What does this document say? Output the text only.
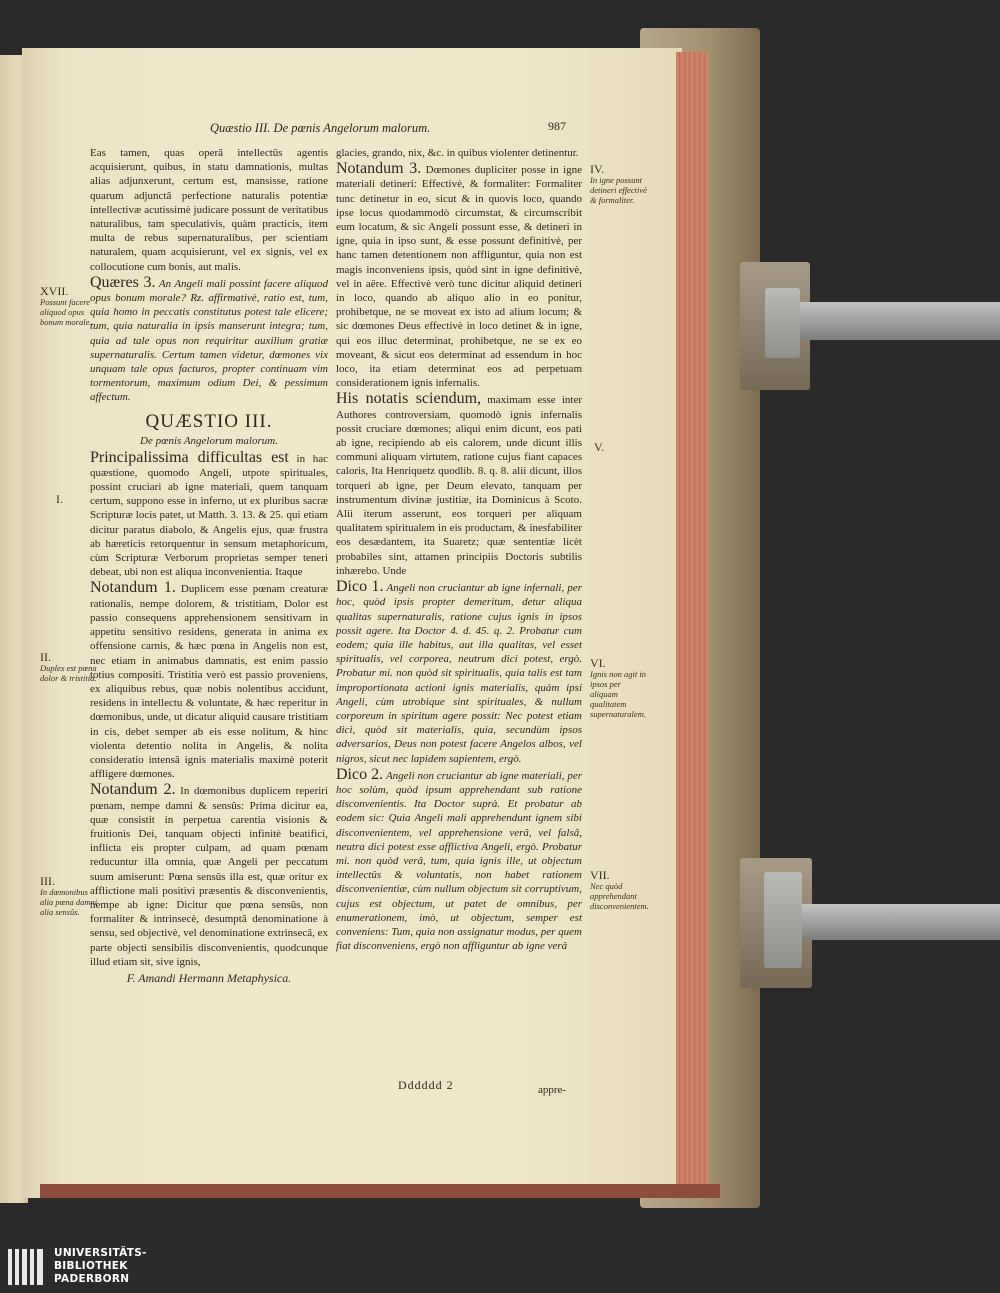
Quæstio III. De pœnis Angelorum malorum.	987

Eas tamen, quas operâ intellectûs agentis acquisierunt, quibus, in statu damnationis, multas alias adjunxerunt, certum est, mansisse, ratione quarum adjunctâ perfectione naturalis potentiæ intellectivæ acutissimè judicare possunt de veritatibus naturalibus, tam speculativis, quàm practicis, item multa de rebus supernaturalibus, per scientiam naturalem, quam acquisierunt, vel ex signis, vel ex collocutione cum bonis, aut malis.

Quæres 3. An Angeli mali possint facere aliquod opus bonum morale? Rz. affirmativè, ratio est, tum, quia homo in peccatis constitutus potest tale elicere; tum, quia naturalia in ipsis manserunt integra; tum, quia ad tale opus non requiritur auxilium gratiæ supernaturalis. Certum tamen videtur, dœmones vix unquam tale opus facturos, propter continuam vim tormentorum, maximum odium Dei, & pessimum affectum.

QUÆSTIO III.
De pœnis Angelorum malorum.

Principalissima difficultas est in hac quæstione, quomodo Angeli, utpote spirituales, possint cruciari ab igne materiali, quem tanquam certum, suppono esse in inferno, ut ex pluribus sacræ Scripturæ locis patet, ut Matth. 3. 13. & 25. qui etiam dicitur paratus diabolo, & Angelis ejus, quæ frustra ab hæreticis retorquentur in sensum metaphoricum, cùm Scripturæ Verborum proprietas semper teneri debeat, ubi non est aliqua inconvenientia. Itaque

Notandum 1. Duplicem esse pœnam creaturæ rationalis, nempe dolorem, & tristitiam, Dolor est passio consequens apprehensionem sensitivam in appetitu sensitivo residens, generata in anima ex offensione carnis, & hæc pœna in Angelis non est, nec etiam in animabus damnatis, est enim passio totius compositi. Tristitia verò est passio proveniens, ex aliquibus rebus, quæ nobis nolentibus accidunt, residens in intellectu & voluntate, & hæc reperitur in dœmonibus, unde, ut dicatur aliquid causare tristitiam in cis, debet semper ab eis esse nolitum, & hinc violenta detentio nolita in Angelis, & nolita consideratio intensâ ignis materialis maximè poterit affligere dœmones.

Notandum 2. In dœmonibus duplicem reperiri pœnam, nempe damni & sensûs: Prima dicitur ea, quæ consistit in perpetua carentia visionis & fruitionis Dei, tanquam objecti infinitè beatifici, inflicta eis propter culpam, ad quam pœnam reducuntur illa omnia, quæ Angeli per peccatum suum amiserunt: Pœna sensûs illa est, quæ oritur ex afflictione mali positivi præsentis & disconvenientis, nempe ab igne: Dicitur que pœna sensûs, non formaliter & intrinsecè, desumptâ denominatione à sensu, sed objectivè, vel denominatione extrinsecâ, ex parte objecti sensibilis disconvenientis, quodcunque illud etiam sit, sive ignis,

F. Amandi Hermann Metaphysica.

glacies, grando, nix, &c. in quibus violenter detinentur.

Notandum 3. Dœmones dupliciter posse in igne materiali detineri: Effectivè, & formaliter: Formaliter tunc detinetur in eo, sicut & in quovis loco, quando ipse locus quodammodò circumstat, & circumscribit eum locatum, & sic Angeli possunt esse, & detineri in igne, quia in ipso sunt, & esse possunt definitivè, per hanc tamen detentionem non affliguntur, quia non est magis inconveniens ipsis, quòd sint in igne definitivè, vel in aëre. Effectivè verò tunc dicitur aliquid detineri in loco, quando ab aliquo alio in eo ponitur, prohibetque, ne se moveat ex isto ad alium locum; & sic dœmones Deus effectivè in loco detinet & in igne, qui eos illuc determinat, prohibetque, ne se ex eo moveant, & sicut eos determinat ad essendum in hoc loco, ita etiam determinat eos ad perpetuam considerationem ignis infernalis.

His notatis sciendum, maximam esse inter Authores controversiam, quomodò ignis infernalis possit cruciare dœmones; aliqui enim dicunt, eos pati ab igne, recipiendo ab eis calorem, unde dicunt illis communi aliquam virtutem, ratione cujus fiant capaces caloris, Ita Henriquetz quodlib. 8. q. 8. alii dicunt, illos torqueri ab igne, per Deum elevato, tanquam per instrumentum divinæ justitiæ, ita Dominicus à Scoto. Alii iterum asserunt, eos torqueri per aliquam qualitatem spiritualem in eis productam, & inesfabiliter eos desædantem, ita Suaretz; quæ sententiæ licèt probabiles sint, attamen principiis Doctoris subtilis inhærebo. Unde

Dico 1. Angeli non cruciantur ab igne infernali, per hoc, quòd ipsis propter demeritum, detur aliqua qualitas supernaturalis, ratione cujus ignis in ipsos possit agere. Ita Doctor 4. d. 45. q. 2. Probatur cum eodem; quia ille habitus, aut illa qualitas, vel esset spiritualis, vel corporea, neutrum dici potest, ergò. Probatur mi. non quòd sit spiritualis, quia talis est tam improportionata actioni ignis materialis, quàm ipsi Angeli, cùm utrobique sint spirituales, & nullum corporeum in spiritum agere possit: Nec potest etiam dici, quòd sit materialis, quia, secundùm ipsos adversarios, Deus non potest facere Angelos albos, vel nigros, sicut nec lapidem sapientem, ergò.

Dico 2. Angeli non cruciantur ab igne materiali, per hoc solùm, quòd ipsum apprehendant sub ratione disconvenientis. Ita Doctor suprà. Et probatur ab eodem sic: Quia Angeli mali apprehendunt ignem sibi disconvenientem, vel apprehensione verâ, vel falsâ, neutra dici potest esse afflictiva Angeli, ergò. Probatur mi. non quòd verâ, tum, quia ignis ille, ut objectum intellectûs & voluntatis, non habet rationem disconvenientiæ, cùm nullum objectum sit corruptivum, cujus est objectum, ut patet de omnibus, per enumerationem, imò, ut objectum, semper est conveniens: Tum, quia non assignatur modus, per quem fiat disconveniens, ergò non affliguntur ab igne verâ

Dddddd 2	appre-
XVII.
Possunt facere aliquod opus bonum morale.
I.
II.
Duplex est pœna dolor & tristitia.
III.
In dœmonibus alia pœna damni alia sensûs.
IV.
In igne possunt detineri effectivè & formaliter.
V.
VI.
Ignis non agit in ipsos per aliquam qualitatem supernaturalem.
VII.
Nec quòd apprehendant disconvenientem.
UNIVERSITÄTS-
BIBLIOTHEK
PADERBORN
